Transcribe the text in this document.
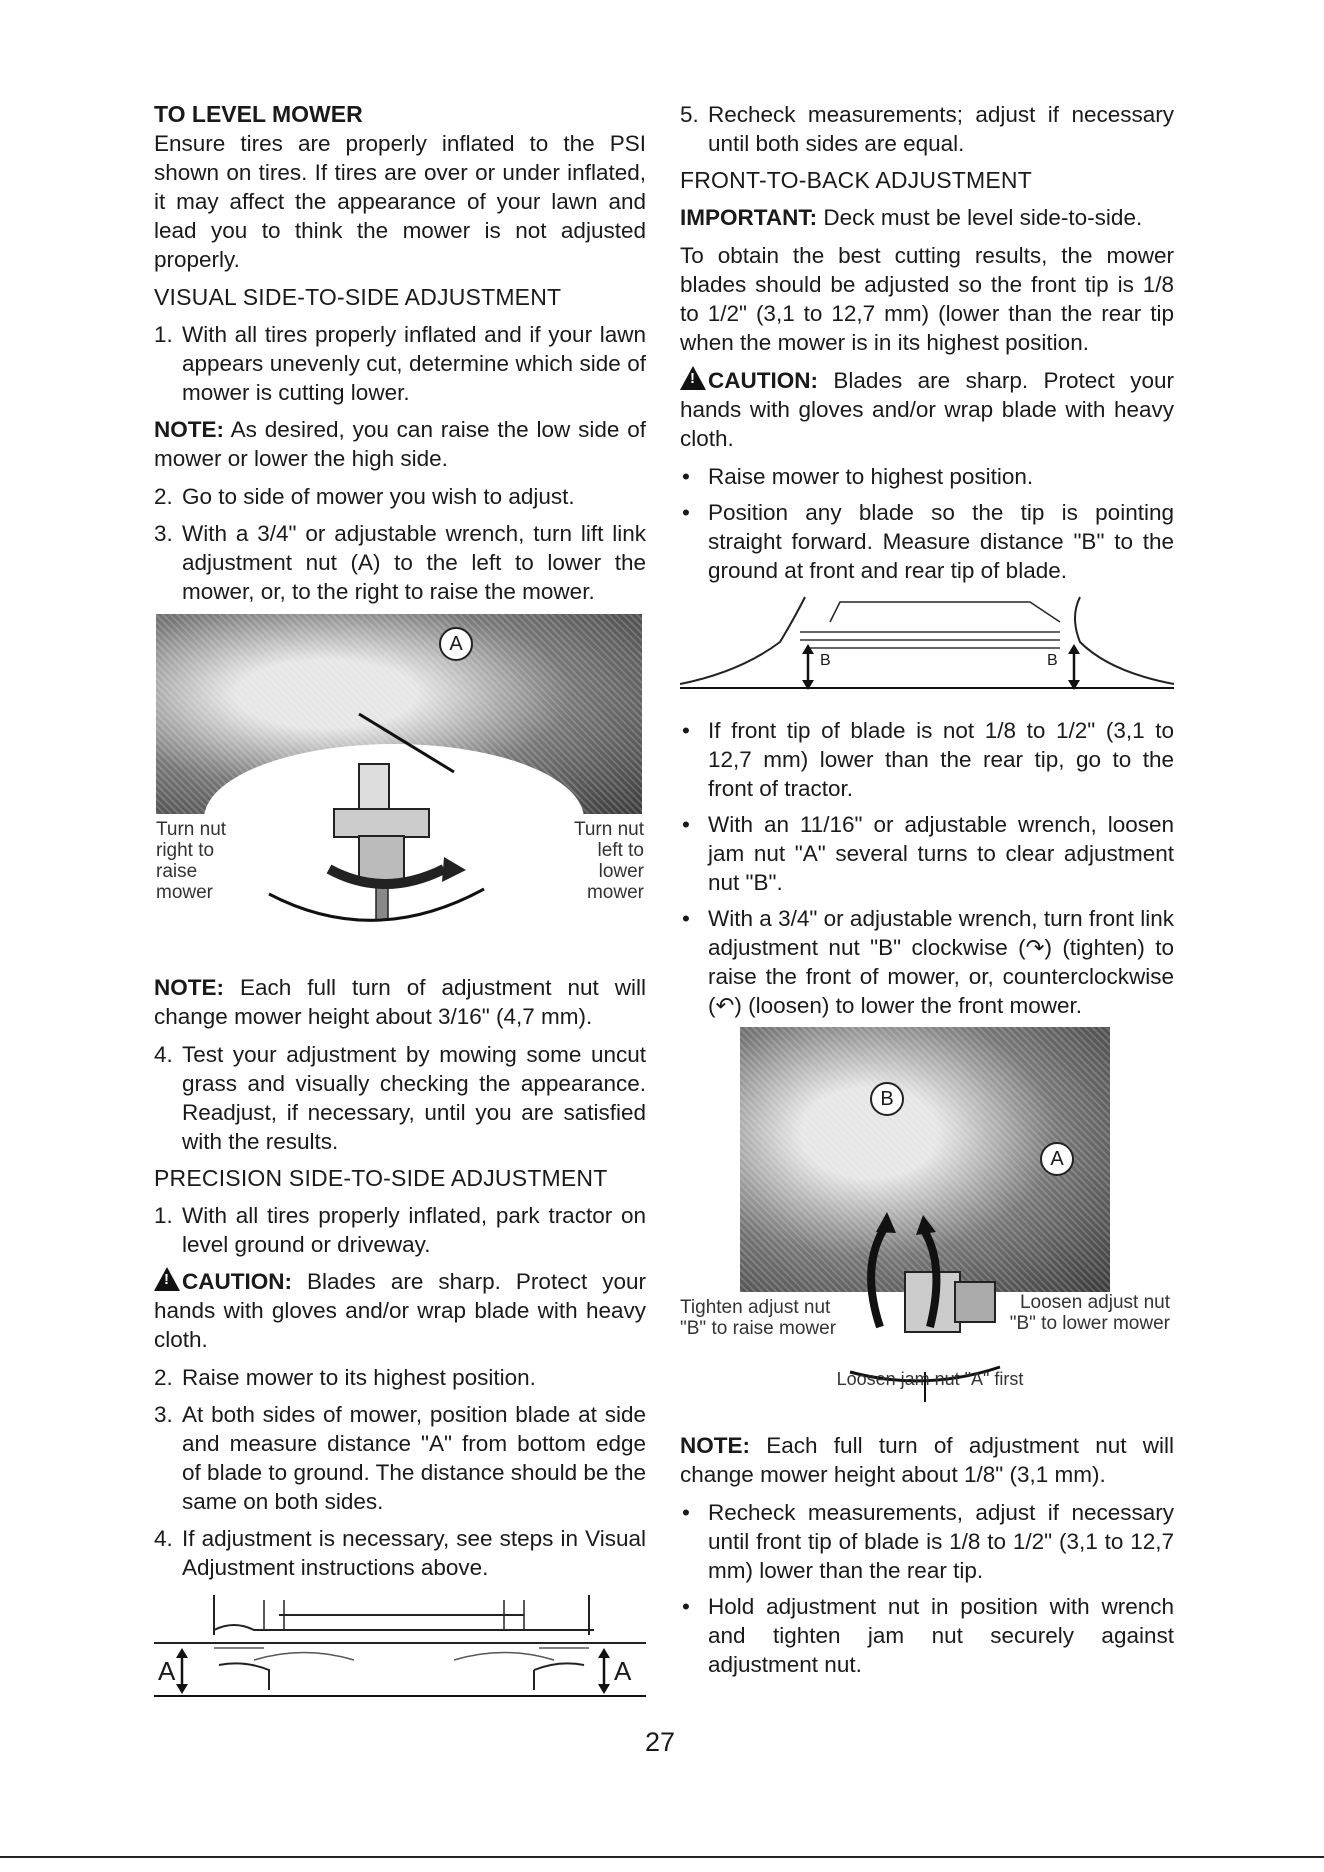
TO LEVEL MOWER

Ensure tires are properly inflated to the PSI shown on tires. If tires are over or under inflated, it may affect the appearance of your lawn and lead you to think the mower is not adjusted properly.

VISUAL SIDE-TO-SIDE ADJUSTMENT

1. With all tires properly inflated and if your lawn appears unevenly cut, determine which side of mower is cutting lower.

NOTE: As desired, you can raise the low side of mower or lower the high side.

2. Go to side of mower you wish to adjust.
3. With a 3/4" or adjustable wrench, turn lift link adjustment nut (A) to the left to lower the mower, or, to the right to raise the mower.
A
Turn nut right to raise mower
Turn nut left to lower mower

NOTE: Each full turn of adjustment nut will change mower height about 3/16" (4,7 mm).

4. Test your adjustment by mowing some uncut grass and visually checking the appearance. Readjust, if necessary, until you are satisfied with the results.

PRECISION SIDE-TO-SIDE ADJUSTMENT

1. With all tires properly inflated, park tractor on level ground or driveway.

!CAUTION: Blades are sharp. Protect your hands with gloves and/or wrap blade with heavy cloth.

2. Raise mower to its highest position.
3. At both sides of mower, position blade at side and measure distance "A" from bottom edge of blade to ground. The distance should be the same on both sides.
4. If adjustment is necessary, see steps in Visual Adjustment instructions above.
A	A
5. Recheck measurements; adjust if necessary until both sides are equal.

FRONT-TO-BACK ADJUSTMENT

IMPORTANT: Deck must be level side-to-side.

To obtain the best cutting results, the mower blades should be adjusted so the front tip is 1/8 to 1/2" (3,1 to 12,7 mm) (lower than the rear tip when the mower is in its highest position.

!CAUTION: Blades are sharp. Protect your hands with gloves and/or wrap blade with heavy cloth.

• Raise mower to highest position.
• Position any blade so the tip is pointing straight forward. Measure distance "B" to the ground at front and rear tip of blade.
B	B
• If front tip of blade is not 1/8 to 1/2" (3,1 to 12,7 mm) lower than the rear tip, go to the front of tractor.
• With an 11/16" or adjustable wrench, loosen jam nut "A" several turns to clear adjustment nut "B".
• With a 3/4" or adjustable wrench, turn front link adjustment nut "B" clockwise (↷) (tighten) to raise the front of mower, or, counterclockwise (↶) (loosen) to lower the front mower.
B
A
Tighten adjust nut "B" to raise mower
Loosen adjust nut "B" to lower mower
Loosen jam nut "A" first

NOTE: Each full turn of adjustment nut will change mower height about 1/8" (3,1 mm).

• Recheck measurements, adjust if necessary until front tip of blade is 1/8 to 1/2" (3,1 to 12,7 mm) lower than the rear tip.
• Hold adjustment nut in position with wrench and tighten jam nut securely against adjustment nut.
27
